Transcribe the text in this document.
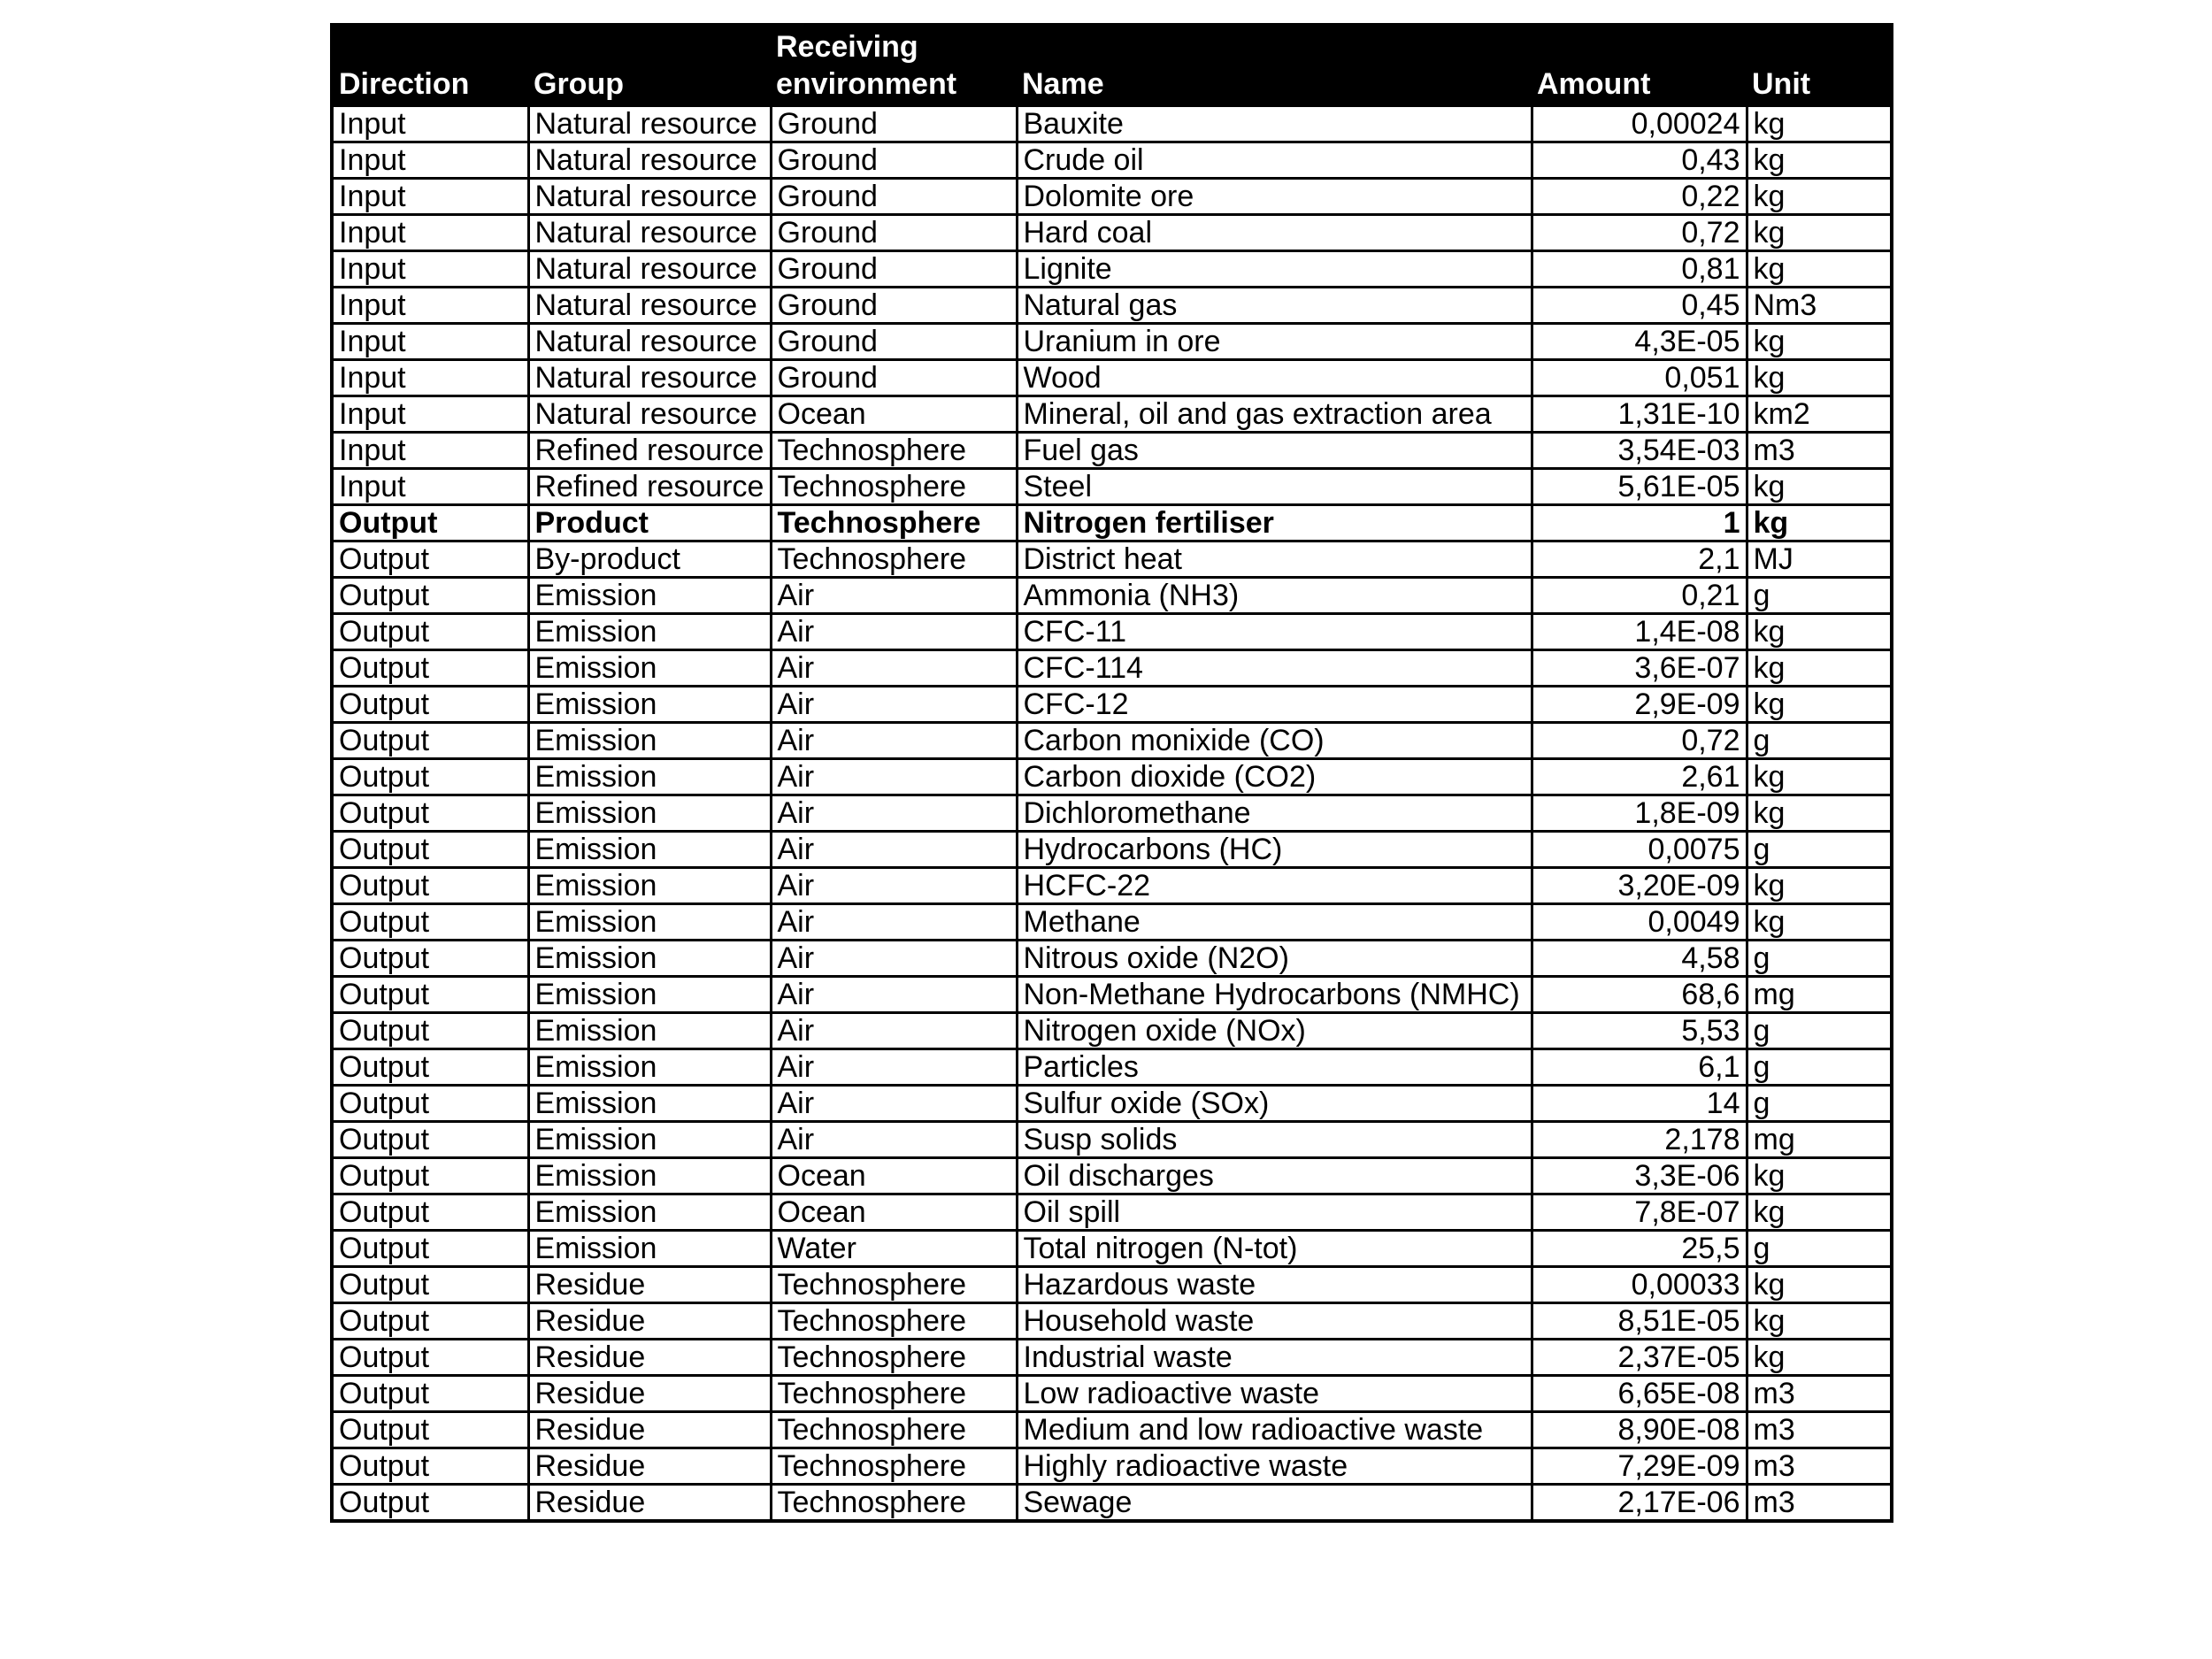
Direction	Group	Receiving environment	Name	Amount	Unit
Input	Natural resource	Ground	Bauxite	0,00024	kg
Input	Natural resource	Ground	Crude oil	0,43	kg
Input	Natural resource	Ground	Dolomite ore	0,22	kg
Input	Natural resource	Ground	Hard coal	0,72	kg
Input	Natural resource	Ground	Lignite	0,81	kg
Input	Natural resource	Ground	Natural gas	0,45	Nm3
Input	Natural resource	Ground	Uranium in ore	4,3E-05	kg
Input	Natural resource	Ground	Wood	0,051	kg
Input	Natural resource	Ocean	Mineral, oil and gas extraction area	1,31E-10	km2
Input	Refined resource	Technosphere	Fuel gas	3,54E-03	m3
Input	Refined resource	Technosphere	Steel	5,61E-05	kg
Output	Product	Technosphere	Nitrogen fertiliser	1	kg
Output	By-product	Technosphere	District heat	2,1	MJ
Output	Emission	Air	Ammonia (NH3)	0,21	g
Output	Emission	Air	CFC-11	1,4E-08	kg
Output	Emission	Air	CFC-114	3,6E-07	kg
Output	Emission	Air	CFC-12	2,9E-09	kg
Output	Emission	Air	Carbon monixide (CO)	0,72	g
Output	Emission	Air	Carbon dioxide (CO2)	2,61	kg
Output	Emission	Air	Dichloromethane	1,8E-09	kg
Output	Emission	Air	Hydrocarbons (HC)	0,0075	g
Output	Emission	Air	HCFC-22	3,20E-09	kg
Output	Emission	Air	Methane	0,0049	kg
Output	Emission	Air	Nitrous oxide (N2O)	4,58	g
Output	Emission	Air	Non-Methane Hydrocarbons (NMHC)	68,6	mg
Output	Emission	Air	Nitrogen oxide (NOx)	5,53	g
Output	Emission	Air	Particles	6,1	g
Output	Emission	Air	Sulfur oxide (SOx)	14	g
Output	Emission	Air	Susp solids	2,178	mg
Output	Emission	Ocean	Oil discharges	3,3E-06	kg
Output	Emission	Ocean	Oil spill	7,8E-07	kg
Output	Emission	Water	Total nitrogen (N-tot)	25,5	g
Output	Residue	Technosphere	Hazardous waste	0,00033	kg
Output	Residue	Technosphere	Household waste	8,51E-05	kg
Output	Residue	Technosphere	Industrial waste	2,37E-05	kg
Output	Residue	Technosphere	Low radioactive waste	6,65E-08	m3
Output	Residue	Technosphere	Medium and low radioactive waste	8,90E-08	m3
Output	Residue	Technosphere	Highly radioactive waste	7,29E-09	m3
Output	Residue	Technosphere	Sewage	2,17E-06	m3
